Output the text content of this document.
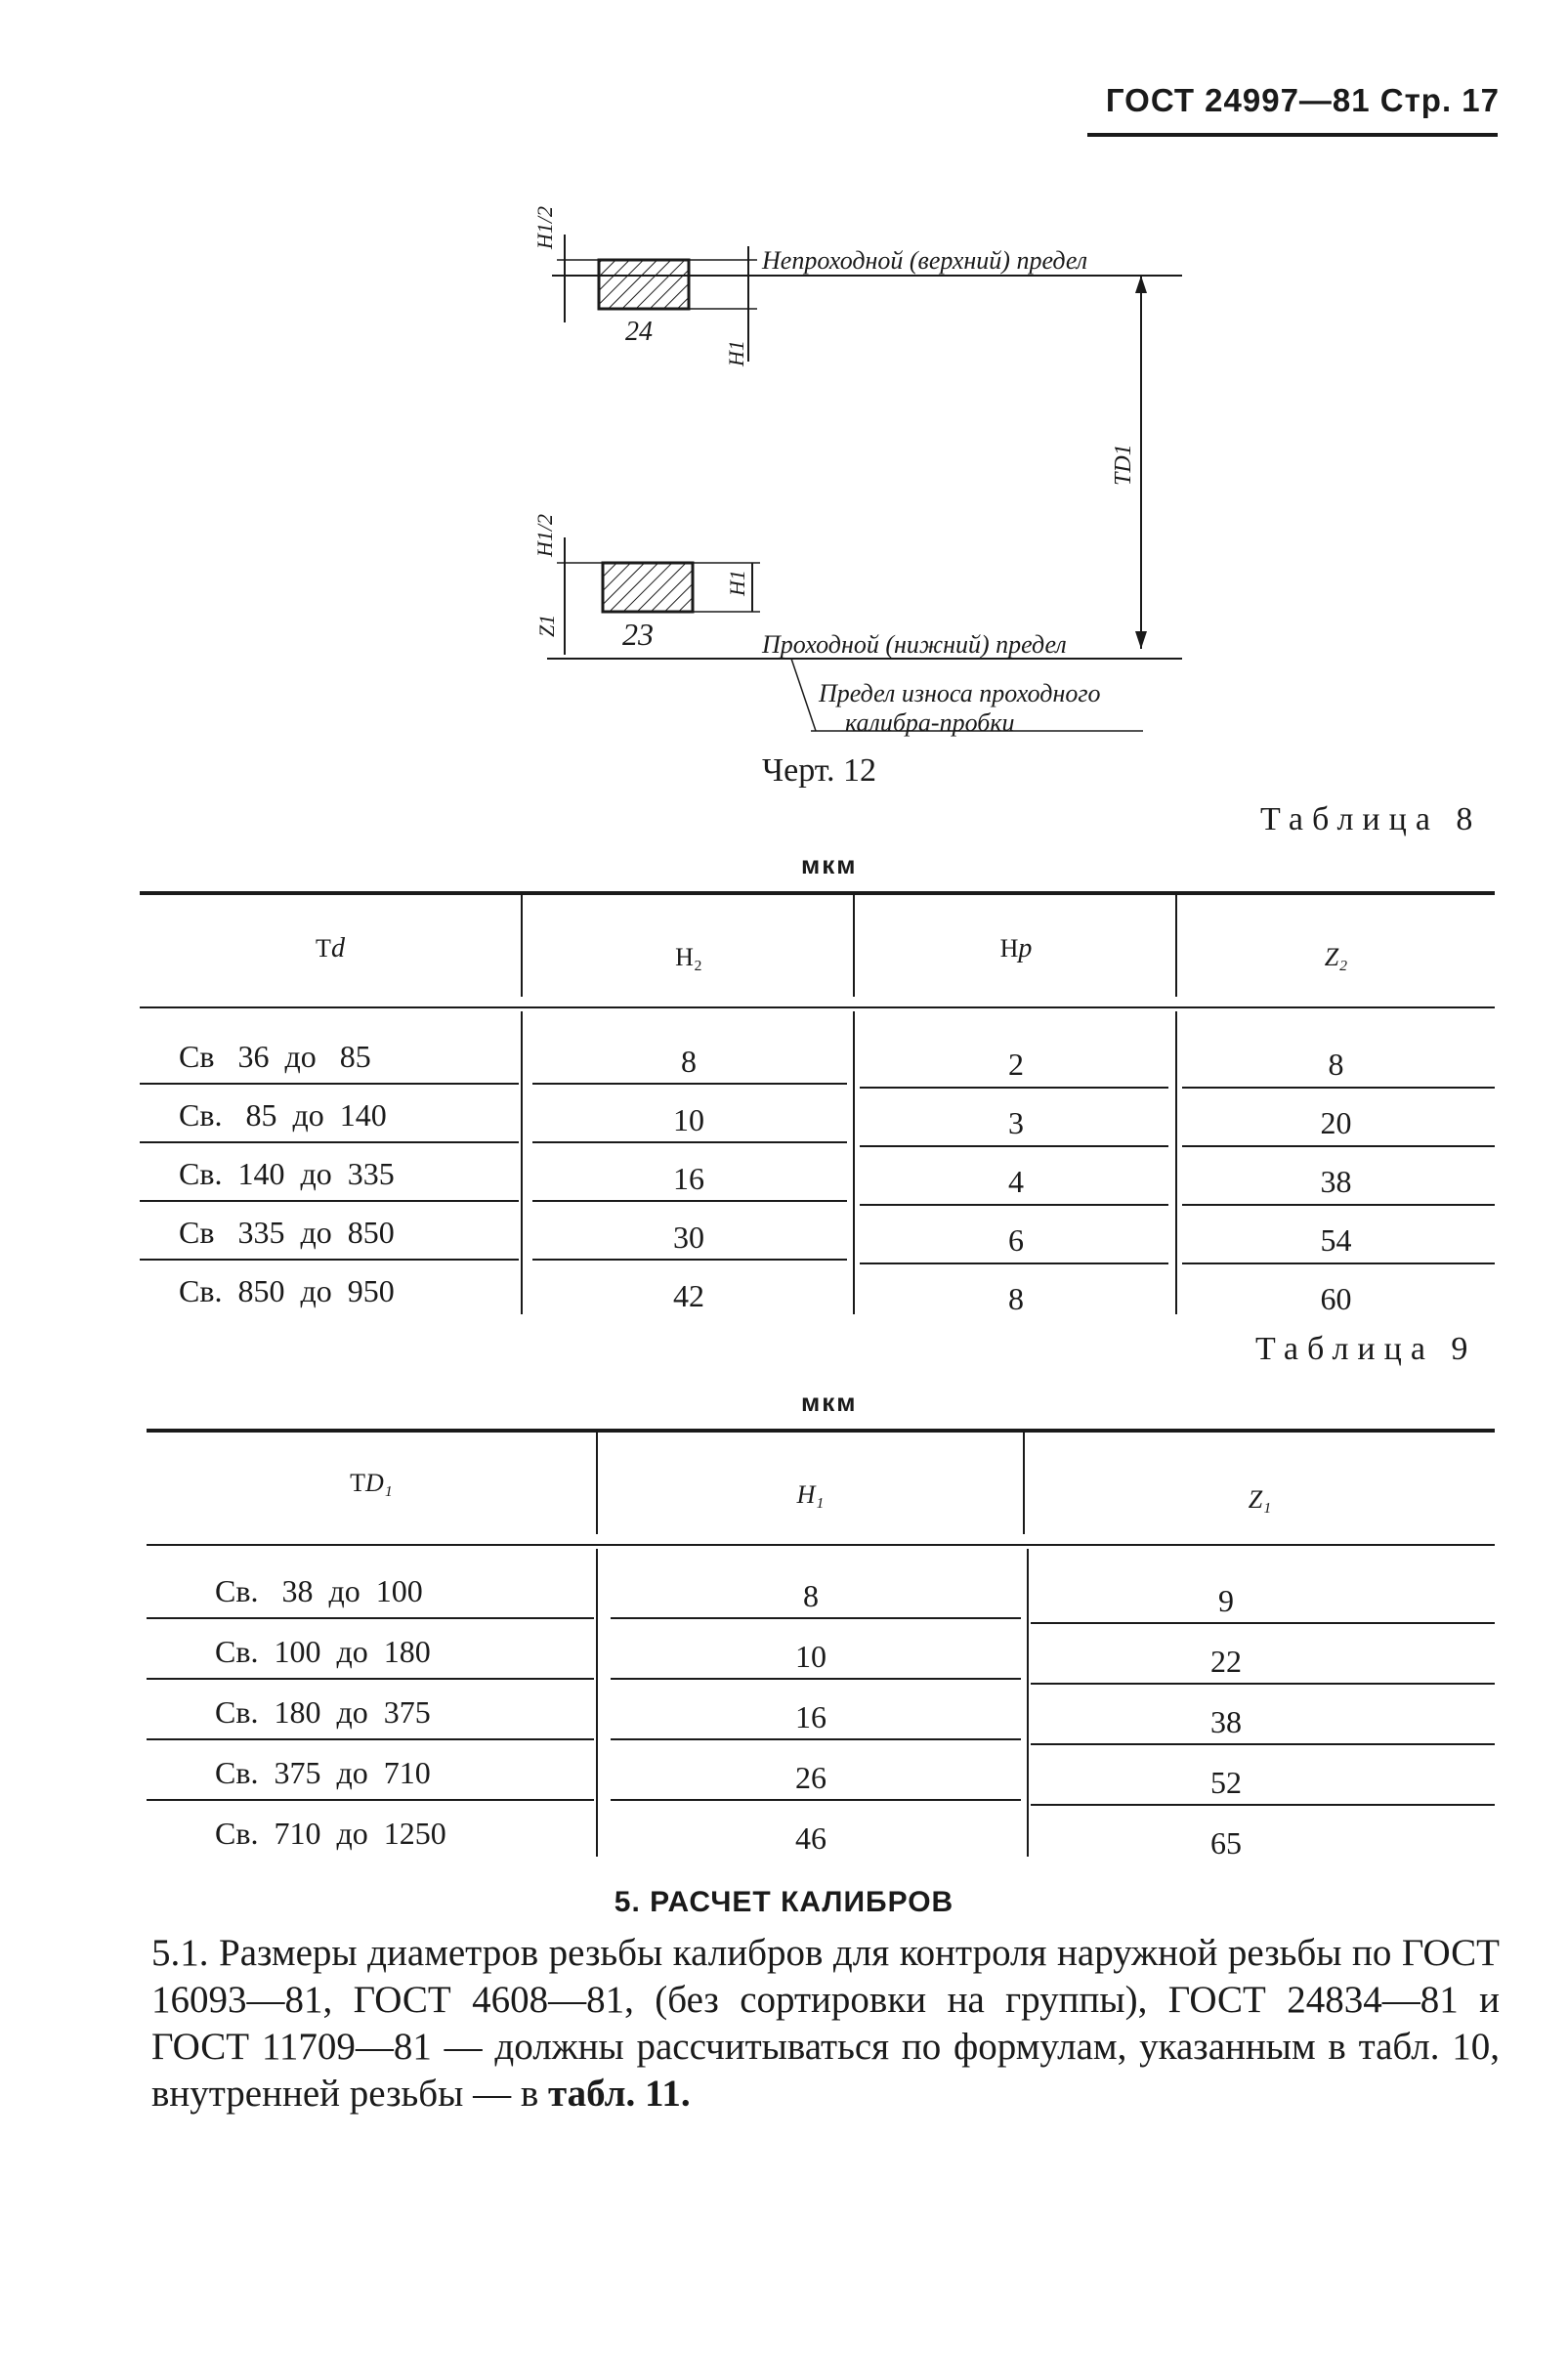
ГОСТ 24997—81 Стр. 17
Непроходной (верхний) предел
Проходной (нижний) предел
Предел износа проходного
калибра-пробки
24
23
H1/2
H1
TD1
H1/2
H1
Z1
Черт. 12
Таблица 8
мкм
Td	H₂	Hp	Z₂
Св   36  до   85	8	2	8
Св.   85  до  140	10	3	20
Св.  140  до  335	16	4	38
Св   335  до  850	30	6	54
Св.  850  до  950	42	8	60
Таблица 9
мкм
TD₁	H₁	Z₁
Св.   38  до  100	8	9
Св.  100  до  180	10	22
Св.  180  до  375	16	38
Св.  375  до  710	26	52
Св.  710  до  1250	46	65
5. РАСЧЕТ КАЛИБРОВ
5.1. Размеры диаметров резьбы калибров для контроля наружной резьбы по ГОСТ 16093—81, ГОСТ 4608—81, (без сортировки на группы), ГОСТ 24834—81 и ГОСТ 11709—81 — должны рассчитываться по формулам, указанным в табл. 10, внутренней резьбы — в табл. 11.
